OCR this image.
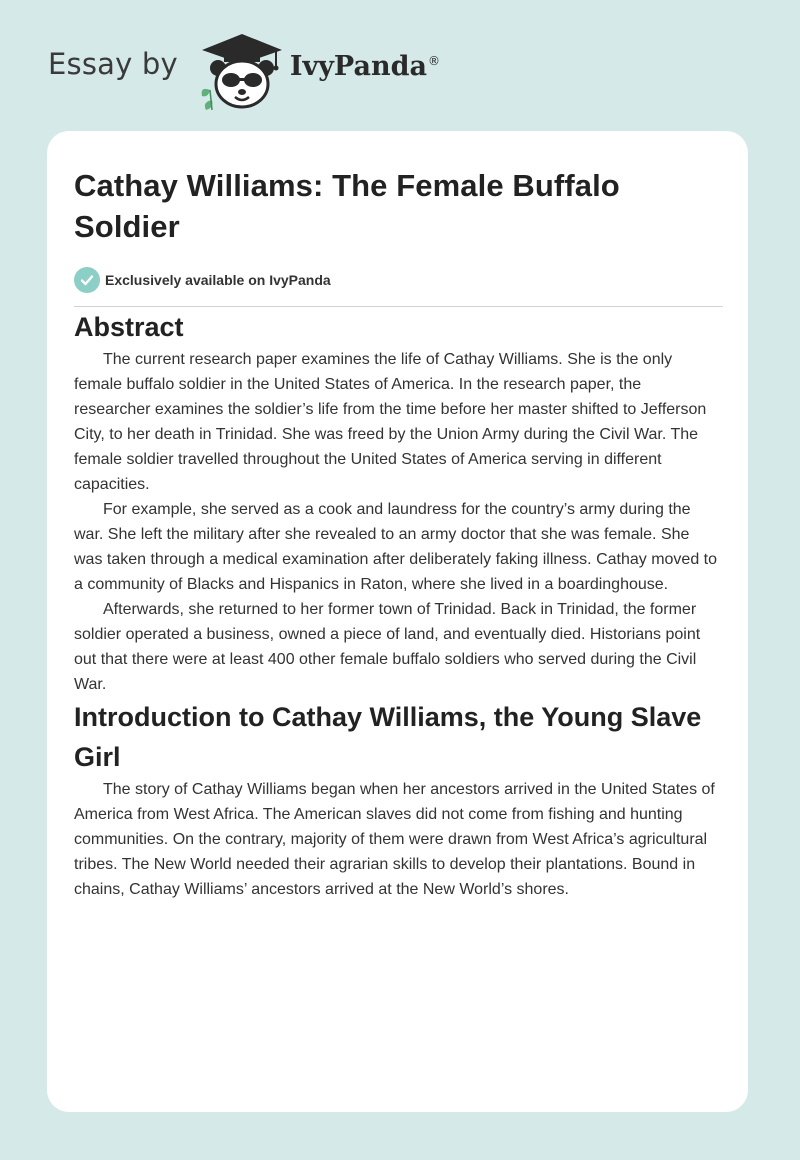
Essay by	IvyPanda®
Cathay Williams: The Female Buffalo Soldier
Exclusively available on IvyPanda
Abstract

The current research paper examines the life of Cathay Williams. She is the only female buffalo soldier in the United States of America. In the research paper, the researcher examines the soldier’s life from the time before her master shifted to Jefferson City, to her death in Trinidad. She was freed by the Union Army during the Civil War. The female soldier travelled throughout the United States of America serving in different capacities.

For example, she served as a cook and laundress for the country’s army during the war. She left the military after she revealed to an army doctor that she was female. She was taken through a medical examination after deliberately faking illness. Cathay moved to a community of Blacks and Hispanics in Raton, where she lived in a boardinghouse.

Afterwards, she returned to her former town of Trinidad. Back in Trinidad, the former soldier operated a business, owned a piece of land, and eventually died. Historians point out that there were at least 400 other female buffalo soldiers who served during the Civil War.

Introduction to Cathay Williams, the Young Slave Girl

The story of Cathay Williams began when her ancestors arrived in the United States of America from West Africa. The American slaves did not come from fishing and hunting communities. On the contrary, majority of them were drawn from West Africa’s agricultural tribes. The New World needed their agrarian skills to develop their plantations. Bound in chains, Cathay Williams’ ancestors arrived at the New World’s shores.
